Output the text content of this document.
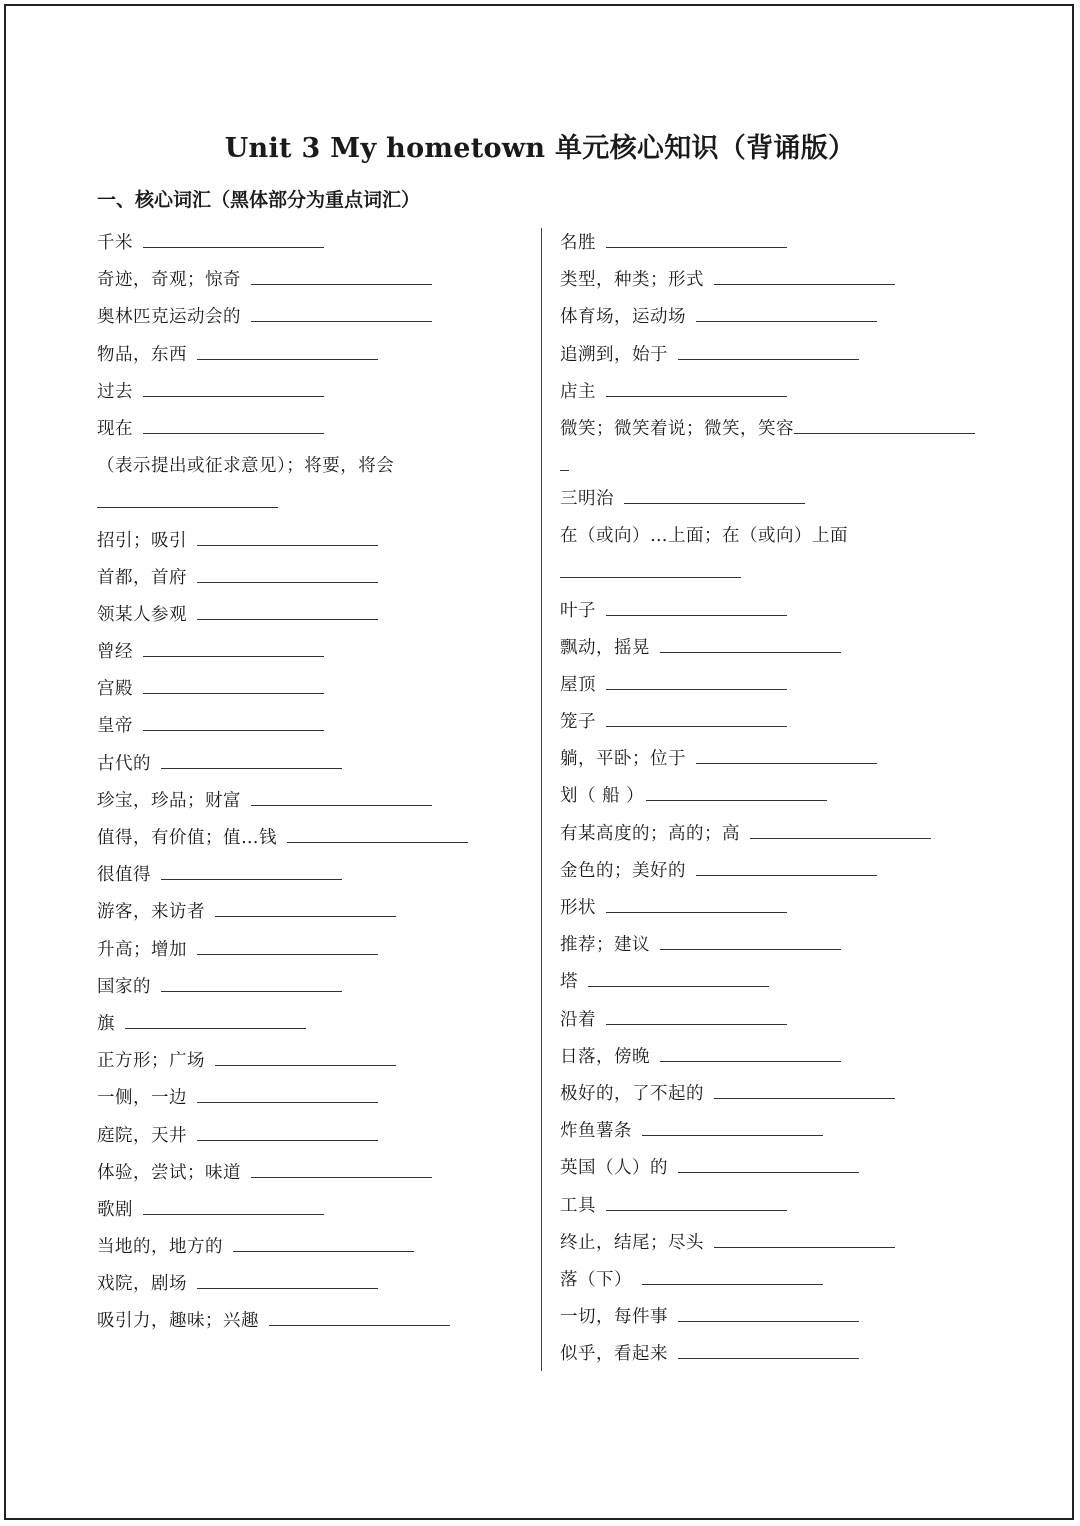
Unit 3 My hometown 单元核心知识（背诵版）
一、核心词汇（黑体部分为重点词汇）
千米
奇迹，奇观；惊奇
奥林匹克运动会的
物品，东西
过去
现在
（表示提出或征求意见）；将要，将会
招引；吸引
首都，首府
领某人参观
曾经
宫殿
皇帝
古代的
珍宝，珍品；财富
值得，有价值；值…钱
很值得
游客，来访者
升高；增加
国家的
旗
正方形；广场
一侧，一边
庭院，天井
体验，尝试；味道
歌剧
当地的，地方的
戏院，剧场
吸引力，趣味；兴趣
名胜
类型，种类；形式
体育场，运动场
追溯到，始于
店主
微笑；微笑着说；微笑，笑容
三明治
在（或向）…上面；在（或向）上面
叶子
飘动，摇晃
屋顶
笼子
躺，平卧；位于
划（ 船 ）
有某高度的；高的；高
金色的；美好的
形状
推荐；建议
塔
沿着
日落，傍晚
极好的，了不起的
炸鱼薯条
英国（人）的
工具
终止，结尾；尽头
落（下）
一切，每件事
似乎，看起来
